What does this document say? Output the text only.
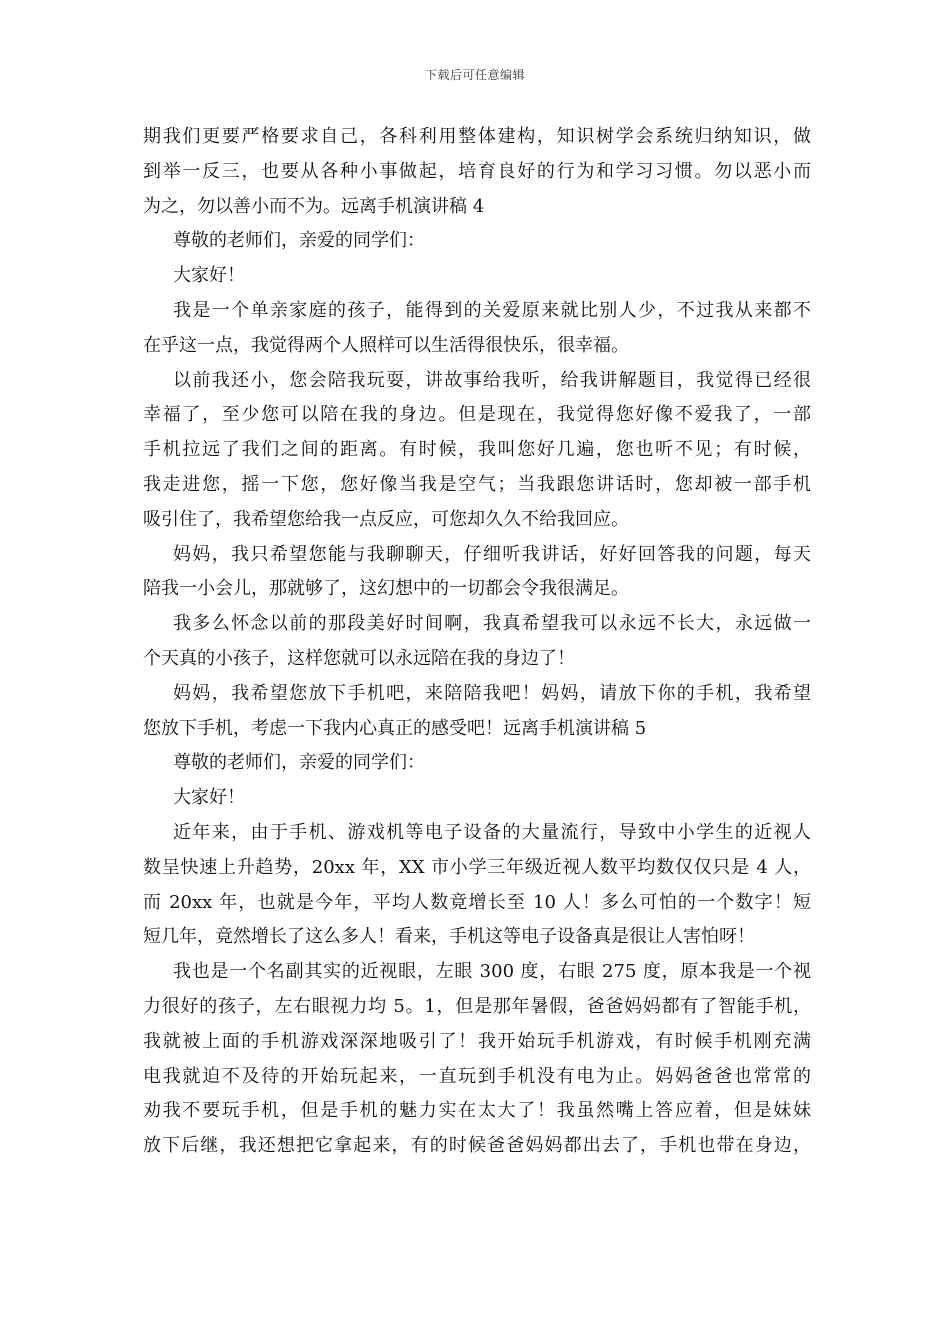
下载后可任意编辑
期我们更要严格要求自己，各科利用整体建构，知识树学会系统归纳知识，做
到举一反三，也要从各种小事做起，培育良好的行为和学习习惯。勿以恶小而
为之，勿以善小而不为。远离手机演讲稿 4
尊敬的老师们，亲爱的同学们：
大家好！
我是一个单亲家庭的孩子，能得到的关爱原来就比别人少，不过我从来都不
在乎这一点，我觉得两个人照样可以生活得很快乐，很幸福。
以前我还小，您会陪我玩耍，讲故事给我听，给我讲解题目，我觉得已经很
幸福了，至少您可以陪在我的身边。但是现在，我觉得您好像不爱我了，一部
手机拉远了我们之间的距离。有时候，我叫您好几遍，您也听不见；有时候，
我走进您，摇一下您，您好像当我是空气；当我跟您讲话时，您却被一部手机
吸引住了，我希望您给我一点反应，可您却久久不给我回应。
妈妈，我只希望您能与我聊聊天，仔细听我讲话，好好回答我的问题，每天
陪我一小会儿，那就够了，这幻想中的一切都会令我很满足。
我多么怀念以前的那段美好时间啊，我真希望我可以永远不长大，永远做一
个天真的小孩子，这样您就可以永远陪在我的身边了！
妈妈，我希望您放下手机吧，来陪陪我吧！妈妈，请放下你的手机，我希望
您放下手机，考虑一下我内心真正的感受吧！远离手机演讲稿 5
尊敬的老师们，亲爱的同学们：
大家好！
近年来，由于手机、游戏机等电子设备的大量流行，导致中小学生的近视人
数呈快速上升趋势，20xx 年，XX 市小学三年级近视人数平均数仅仅只是 4 人，
而 20xx 年，也就是今年，平均人数竟增长至 10 人！多么可怕的一个数字！短
短几年，竟然增长了这么多人！看来，手机这等电子设备真是很让人害怕呀！
我也是一个名副其实的近视眼，左眼 300 度，右眼 275 度，原本我是一个视
力很好的孩子，左右眼视力均 5。1，但是那年暑假，爸爸妈妈都有了智能手机，
我就被上面的手机游戏深深地吸引了！我开始玩手机游戏，有时候手机刚充满
电我就迫不及待的开始玩起来，一直玩到手机没有电为止。妈妈爸爸也常常的
劝我不要玩手机，但是手机的魅力实在太大了！我虽然嘴上答应着，但是妹妹
放下后继，我还想把它拿起来，有的时候爸爸妈妈都出去了，手机也带在身边，
